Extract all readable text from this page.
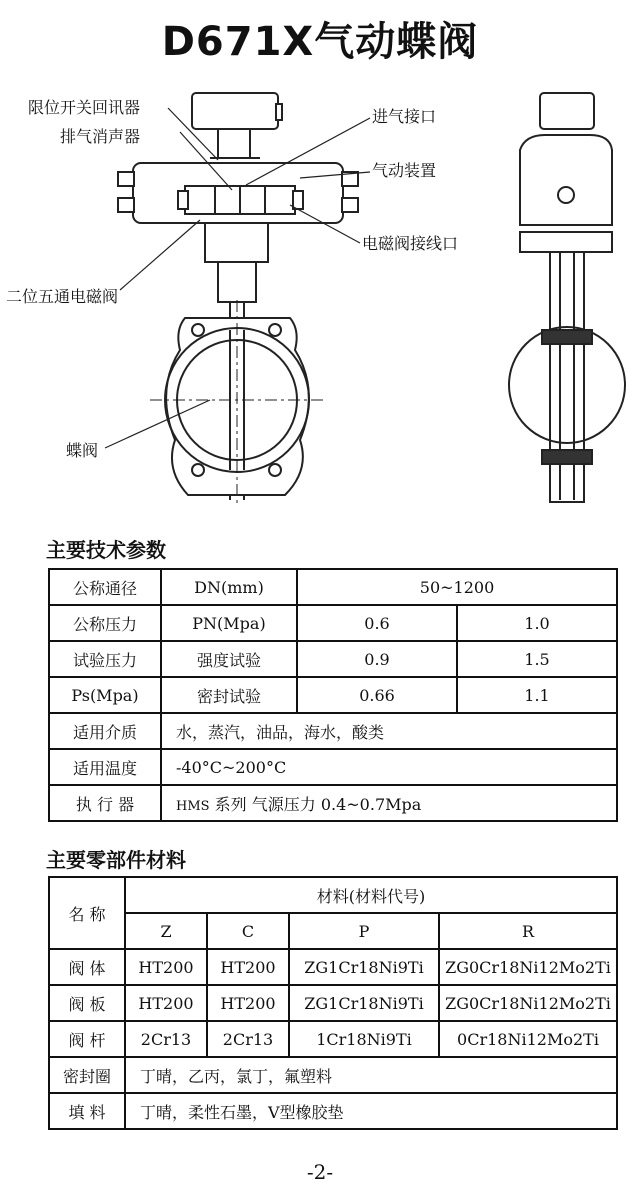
D671X气动蝶阀
限位开关回讯器
排气消声器
进气接口
气动装置
电磁阀接线口
二位五通电磁阀
蝶阀
主要技术参数
公称通径	DN(mm)	50~1200	
公称压力	PN(Mpa)	0.6	1.0
试验压力	强度试验	0.9	1.5
Ps(Mpa)	密封试验	0.66	1.1
适用介质	水，蒸汽，油品，海水，酸类		
适用温度	-40°C~200°C		
执 行 器	HMS 系列 气源压力 0.4~0.7Mpa		
主要零部件材料
名 称	材料(材料代号)			
	Z	C	P	R
阀 体	HT200	HT200	ZG1Cr18Ni9Ti	ZG0Cr18Ni12Mo2Ti
阀 板	HT200	HT200	ZG1Cr18Ni9Ti	ZG0Cr18Ni12Mo2Ti
阀 杆	2Cr13	2Cr13	1Cr18Ni9Ti	0Cr18Ni12Mo2Ti
密封圈	丁晴，乙丙，氯丁，氟塑料			
填 料	丁晴，柔性石墨，V型橡胶垫			
-2-
